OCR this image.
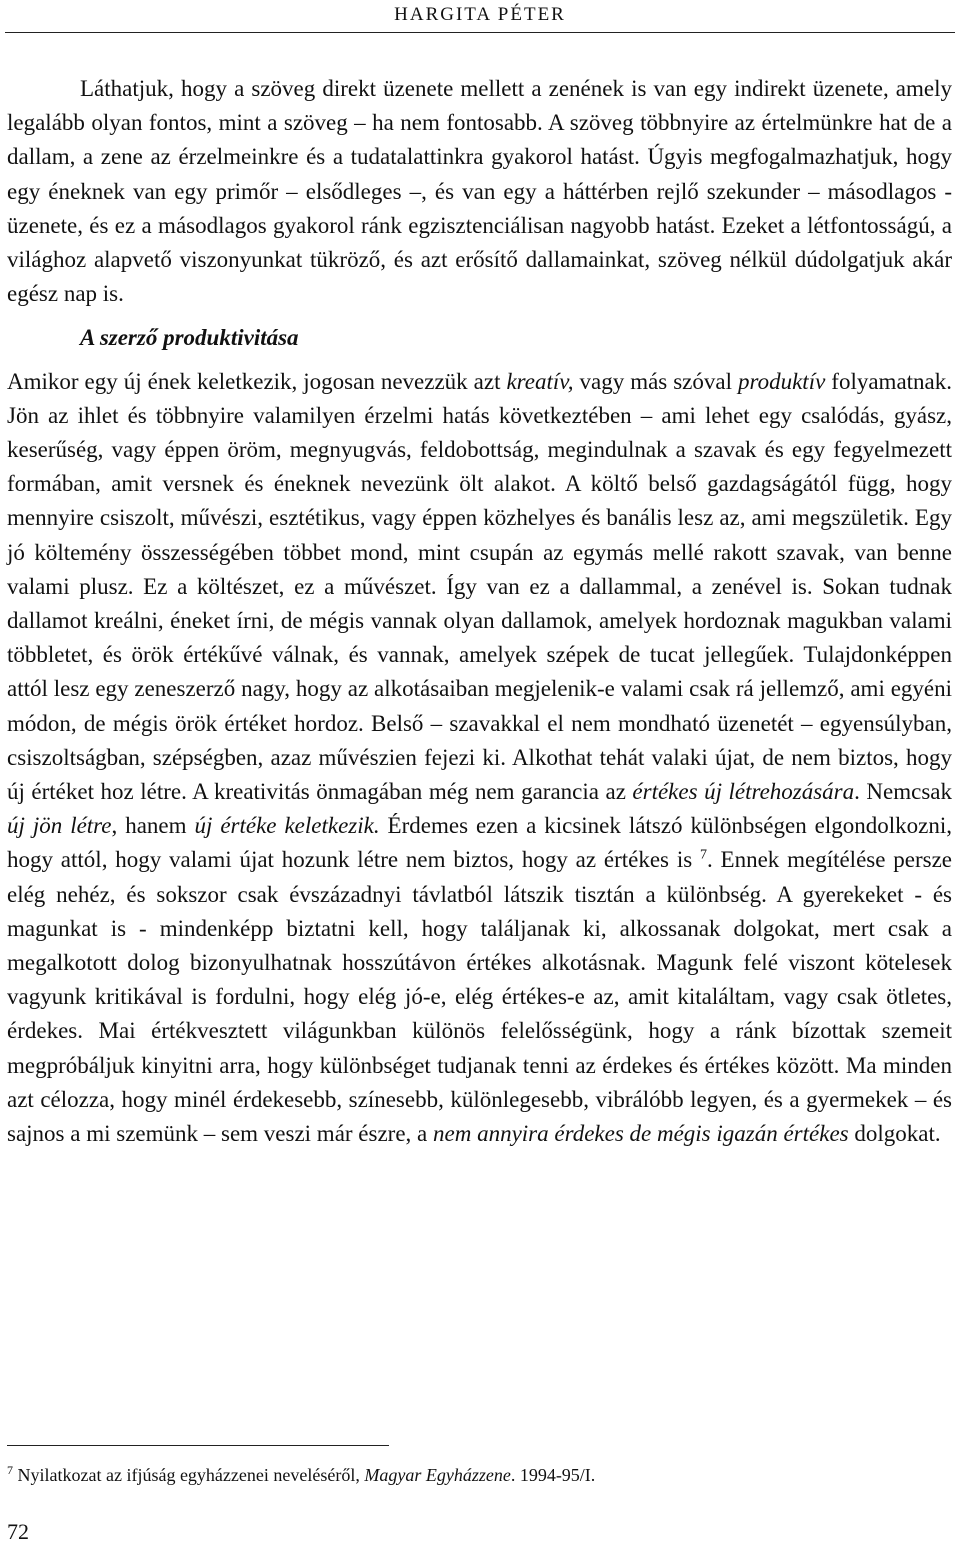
HARGITA PÉTER

Láthatjuk, hogy a szöveg direkt üzenete mellett a zenének is van egy indirekt üzenete, amely legalább olyan fontos, mint a szöveg – ha nem fontosabb. A szöveg többnyire az értelmünkre hat de a dallam, a zene az érzelmeinkre és a tudatalattinkra gyakorol hatást. Úgyis megfogalmazhatjuk, hogy egy éneknek van egy primőr – elsődleges –, és van egy a háttérben rejlő szekunder – másodlagos - üzenete, és ez a másodlagos gyakorol ránk egzisztenciálisan nagyobb hatást. Ezeket a létfontosságú, a világhoz alapvető viszonyunkat tükröző, és azt erősítő dallamainkat, szöveg nélkül dúdolgatjuk akár egész nap is.

A szerző produktivitása

Amikor egy új ének keletkezik, jogosan nevezzük azt kreatív, vagy más szóval produktív folyamatnak. Jön az ihlet és többnyire valamilyen érzelmi hatás következtében – ami lehet egy csalódás, gyász, keserűség, vagy éppen öröm, megnyugvás, feldobottság, megindulnak a szavak és egy fegyelmezett formában, amit versnek és éneknek nevezünk ölt alakot. A költő belső gazdagságától függ, hogy mennyire csiszolt, művészi, esztétikus, vagy éppen közhelyes és banális lesz az, ami megszületik. Egy jó költemény összességében többet mond, mint csupán az egymás mellé rakott szavak, van benne valami plusz. Ez a költészet, ez a művészet. Így van ez a dallammal, a zenével is. Sokan tudnak dallamot kreálni, éneket írni, de mégis vannak olyan dallamok, amelyek hordoznak magukban valami többletet, és örök értékűvé válnak, és vannak, amelyek szépek de tucat jellegűek. Tulajdonképpen attól lesz egy zeneszerző nagy, hogy az alkotásaiban megjelenik-e valami csak rá jellemző, ami egyéni módon, de mégis örök értéket hordoz. Belső – szavakkal el nem mondható üzenetét – egyensúlyban, csiszoltságban, szépségben, azaz művészien fejezi ki. Alkothat tehát valaki újat, de nem biztos, hogy új értéket hoz létre. A kreativitás önmagában még nem garancia az értékes új létrehozására. Nemcsak új jön létre, hanem új értéke keletkezik. Érdemes ezen a kicsinek látszó különbségen elgondolkozni, hogy attól, hogy valami újat hozunk létre nem biztos, hogy az értékes is $^7$. Ennek megítélése persze elég nehéz, és sokszor csak évszázadnyi távlatból látszik tisztán a különbség. A gyerekeket - és magunkat is - mindenképp biztatni kell, hogy találjanak ki, alkossanak dolgokat, mert csak a megalkotott dolog bizonyulhatnak hosszútávon értékes alkotásnak. Magunk felé viszont kötelesek vagyunk kritikával is fordulni, hogy elég jó-e, elég értékes-e az, amit kitaláltam, vagy csak ötletes, érdekes. Mai értékvesztett világunkban különös felelősségünk, hogy a ránk bízottak szemeit megpróbáljuk kinyitni arra, hogy különbséget tudjanak tenni az érdekes és értékes között. Ma minden azt célozza, hogy minél érdekesebb, színesebb, különlegesebb, vibrálóbb legyen, és a gyermekek – és sajnos a mi szemünk – sem veszi már észre, a nem annyira érdekes de mégis igazán értékes dolgokat.

$^7$ Nyilatkozat az ifjúság egyházzenei neveléséről, Magyar Egyházzene. 1994-95/I.
72
